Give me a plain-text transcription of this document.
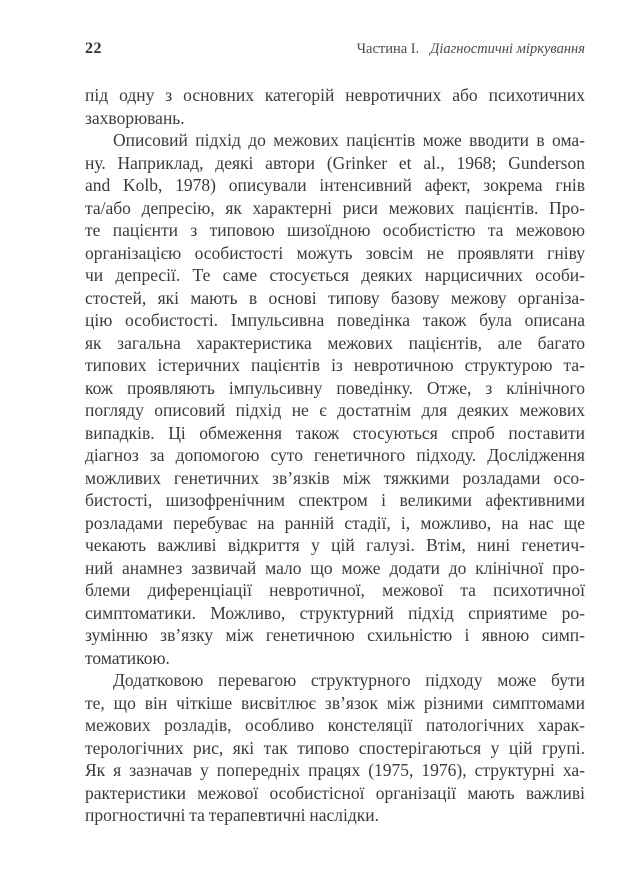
22	Частина I. Діагностичні міркування
під одну з основних категорій невротичних або психотичних
захворювань.
Описовий підхід до межових пацієнтів може вводити в ома-
ну. Наприклад, деякі автори (Grinker et al., 1968; Gunderson
and Kolb, 1978) описували інтенсивний афект, зокрема гнів
та/або депресію, як характерні риси межових пацієнтів. Про-
те пацієнти з типовою шизоїдною особистістю та межовою
організацією особистості можуть зовсім не проявляти гніву
чи депресії. Те саме стосується деяких нарцисичних особи-
стостей, які мають в основі типову базову межову організа-
цію особистості. Імпульсивна поведінка також була описана
як загальна характеристика межових пацієнтів, але багато
типових істеричних пацієнтів із невротичною структурою та-
кож проявляють імпульсивну поведінку. Отже, з клінічного
погляду описовий підхід не є достатнім для деяких межових
випадків. Ці обмеження також стосуються спроб поставити
діагноз за допомогою суто генетичного підходу. Дослідження
можливих генетичних зв’язків між тяжкими розладами осо-
бистості, шизофренічним спектром і великими афективними
розладами перебуває на ранній стадії, і, можливо, на нас ще
чекають важливі відкриття у цій галузі. Втім, нині генетич-
ний анамнез зазвичай мало що може додати до клінічної про-
блеми диференціації невротичної, межової та психотичної
симптоматики. Можливо, структурний підхід сприятиме ро-
зумінню зв’язку між генетичною схильністю і явною симп-
томатикою.
Додатковою перевагою структурного підходу може бути
те, що він чіткіше висвітлює зв’язок між різними симптомами
межових розладів, особливо констеляції патологічних харак-
терологічних рис, які так типово спостерігаються у цій групі.
Як я зазначав у попередніх працях (1975, 1976), структурні ха-
рактеристики межової особистісної організації мають важливі
прогностичні та терапевтичні наслідки.
